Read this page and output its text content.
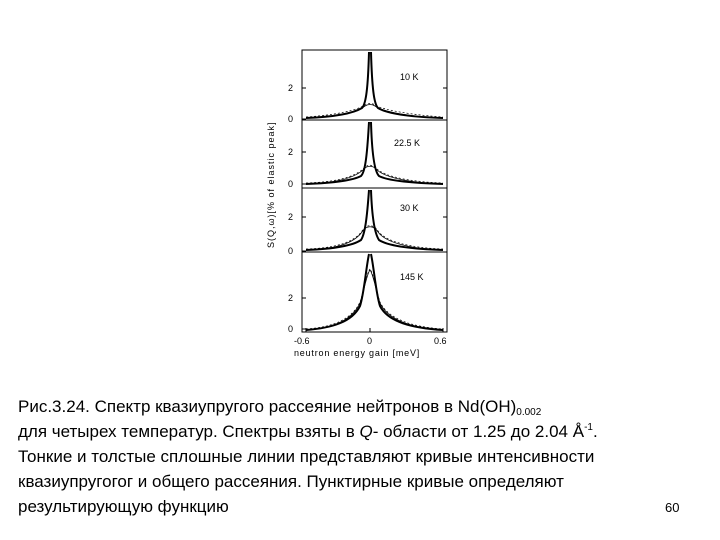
S(Q,ω)[% of elastic peak]
2
0
2
0
2
0
2
0
10 K
22.5 K
30 K
145 K
-0.6	0	0.6
neutron energy gain [meV]
Рис.3.24. Спектр квазиупругого рассеяние нейтронов в $Nd(OH)_{0.002}$
для четырех температур. Спектры взяты в Q- области от 1.25 до 2.04 $Å^{-1}$.
Тонкие и толстые сплошные линии представляют кривые интенсивности
квазиупругогог и общего рассеяния. Пунктирные кривые определяют
результирующую функцию	60
